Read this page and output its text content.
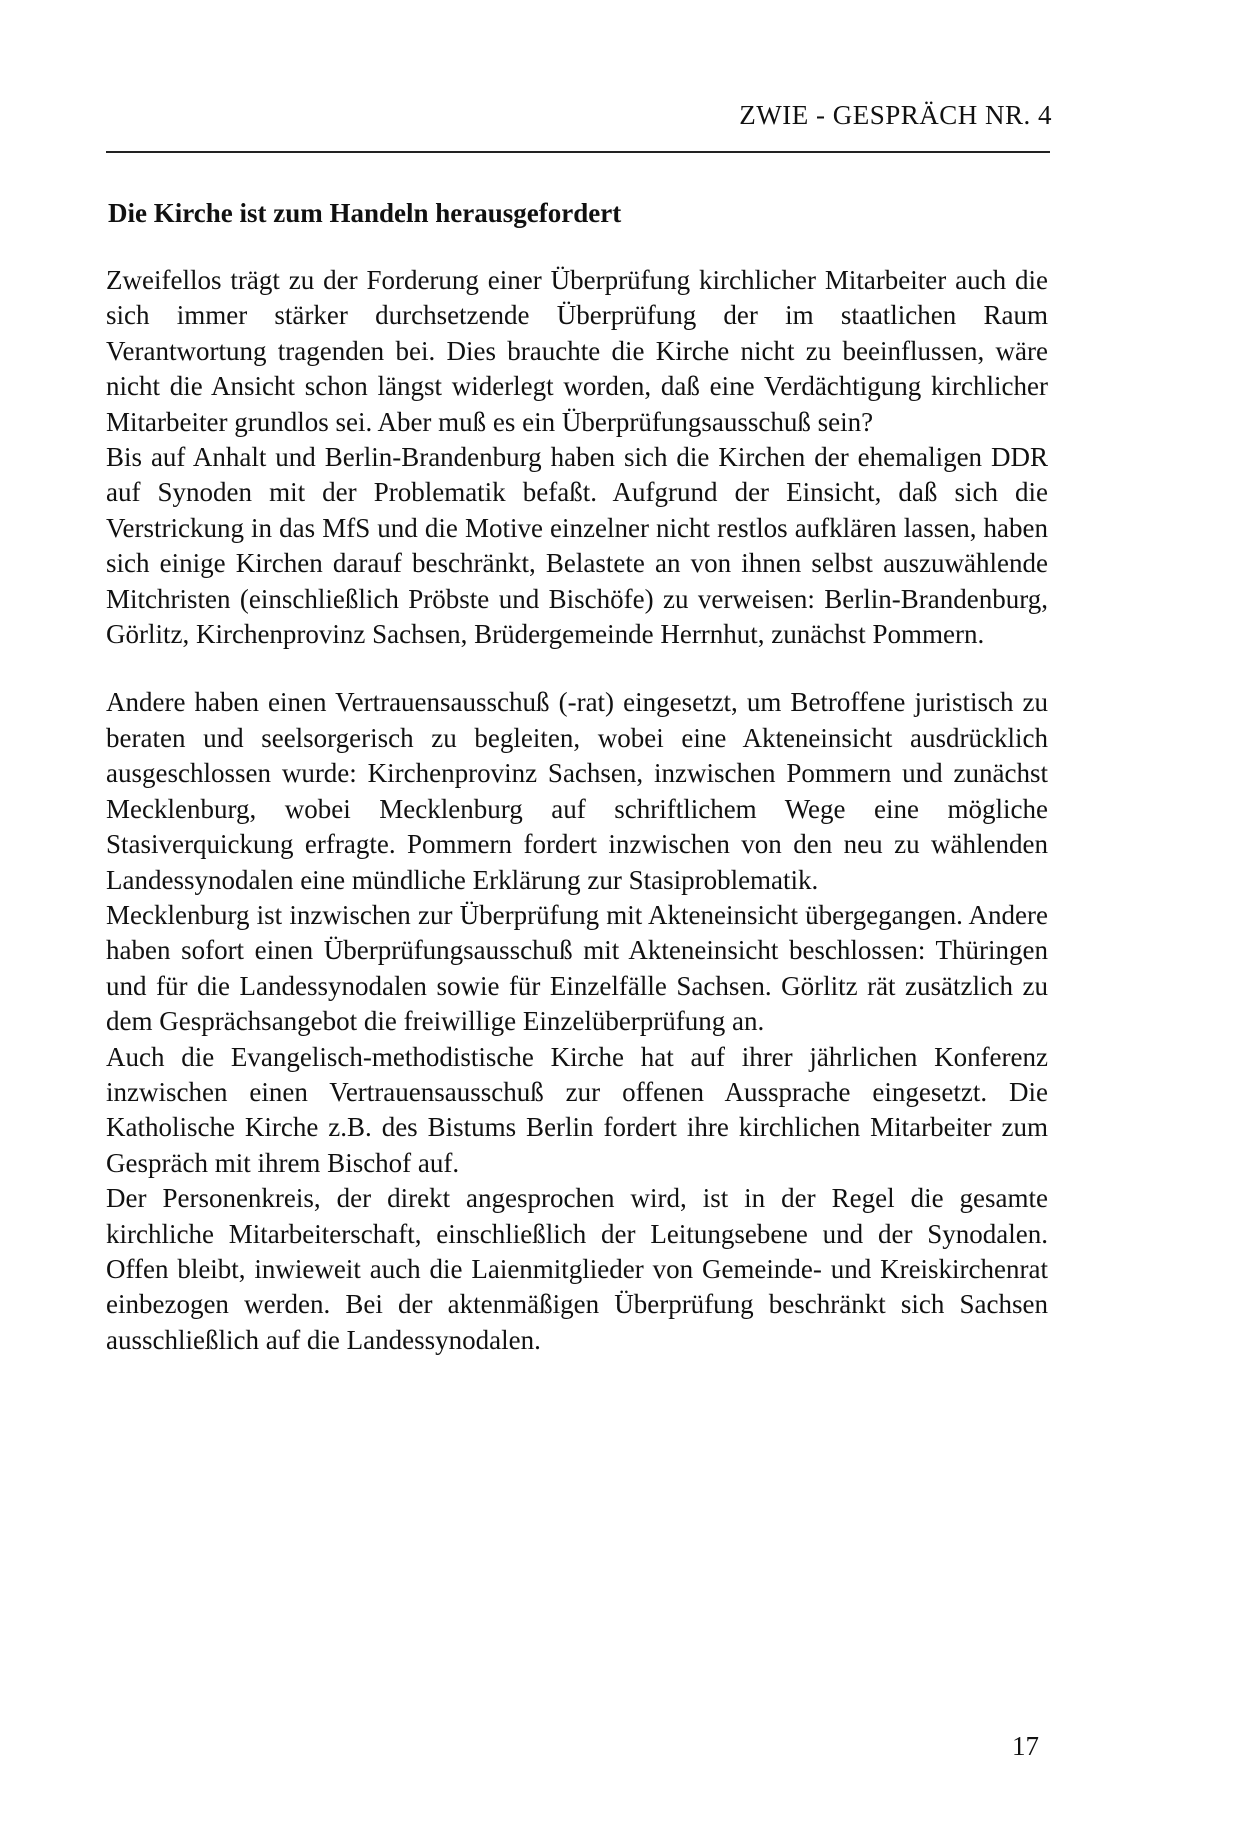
ZWIE - GESPRÄCH NR. 4
Die Kirche ist zum Handeln herausgefordert

Zweifellos trägt zu der Forderung einer Überprüfung kirchlicher Mitarbeiter auch die sich immer stärker durchsetzende Überprüfung der im staatlichen Raum Verantwortung tragenden bei. Dies brauchte die Kirche nicht zu beeinflussen, wäre nicht die Ansicht schon längst widerlegt worden, daß eine Verdächtigung kirchlicher Mitarbeiter grundlos sei. Aber muß es ein Überprüfungsausschuß sein?

Bis auf Anhalt und Berlin-Brandenburg haben sich die Kirchen der ehemaligen DDR auf Synoden mit der Problematik befaßt. Aufgrund der Einsicht, daß sich die Verstrickung in das MfS und die Motive einzelner nicht restlos aufklären lassen, haben sich einige Kirchen darauf beschränkt, Belastete an von ihnen selbst auszuwählende Mitchristen (einschließlich Pröbste und Bischöfe) zu verweisen: Berlin-Brandenburg, Görlitz, Kirchenprovinz Sachsen, Brüdergemeinde Herrnhut, zunächst Pommern.

Andere haben einen Vertrauensausschuß (-rat) eingesetzt, um Betroffene juristisch zu beraten und seelsorgerisch zu begleiten, wobei eine Akteneinsicht ausdrücklich ausgeschlossen wurde: Kirchenprovinz Sachsen, inzwischen Pommern und zunächst Mecklenburg, wobei Mecklenburg auf schriftlichem Wege eine mögliche Stasiverquickung erfragte. Pommern fordert inzwischen von den neu zu wählenden Landessynodalen eine mündliche Erklärung zur Stasiproblematik.

Mecklenburg ist inzwischen zur Überprüfung mit Akteneinsicht übergegangen. Andere haben sofort einen Überprüfungsausschuß mit Akteneinsicht beschlossen: Thüringen und für die Landessynodalen sowie für Einzelfälle Sachsen. Görlitz rät zusätzlich zu dem Gesprächsangebot die freiwillige Einzelüberprüfung an.

Auch die Evangelisch-methodistische Kirche hat auf ihrer jährlichen Konferenz inzwischen einen Vertrauensausschuß zur offenen Aussprache eingesetzt. Die Katholische Kirche z.B. des Bistums Berlin fordert ihre kirchlichen Mitarbeiter zum Gespräch mit ihrem Bischof auf.

Der Personenkreis, der direkt angesprochen wird, ist in der Regel die gesamte kirchliche Mitarbeiterschaft, einschließlich der Leitungsebene und der Synodalen. Offen bleibt, inwieweit auch die Laienmitglieder von Gemeinde- und Kreiskirchenrat einbezogen werden. Bei der aktenmäßigen Überprüfung beschränkt sich Sachsen ausschließlich auf die Landessynodalen.

17
